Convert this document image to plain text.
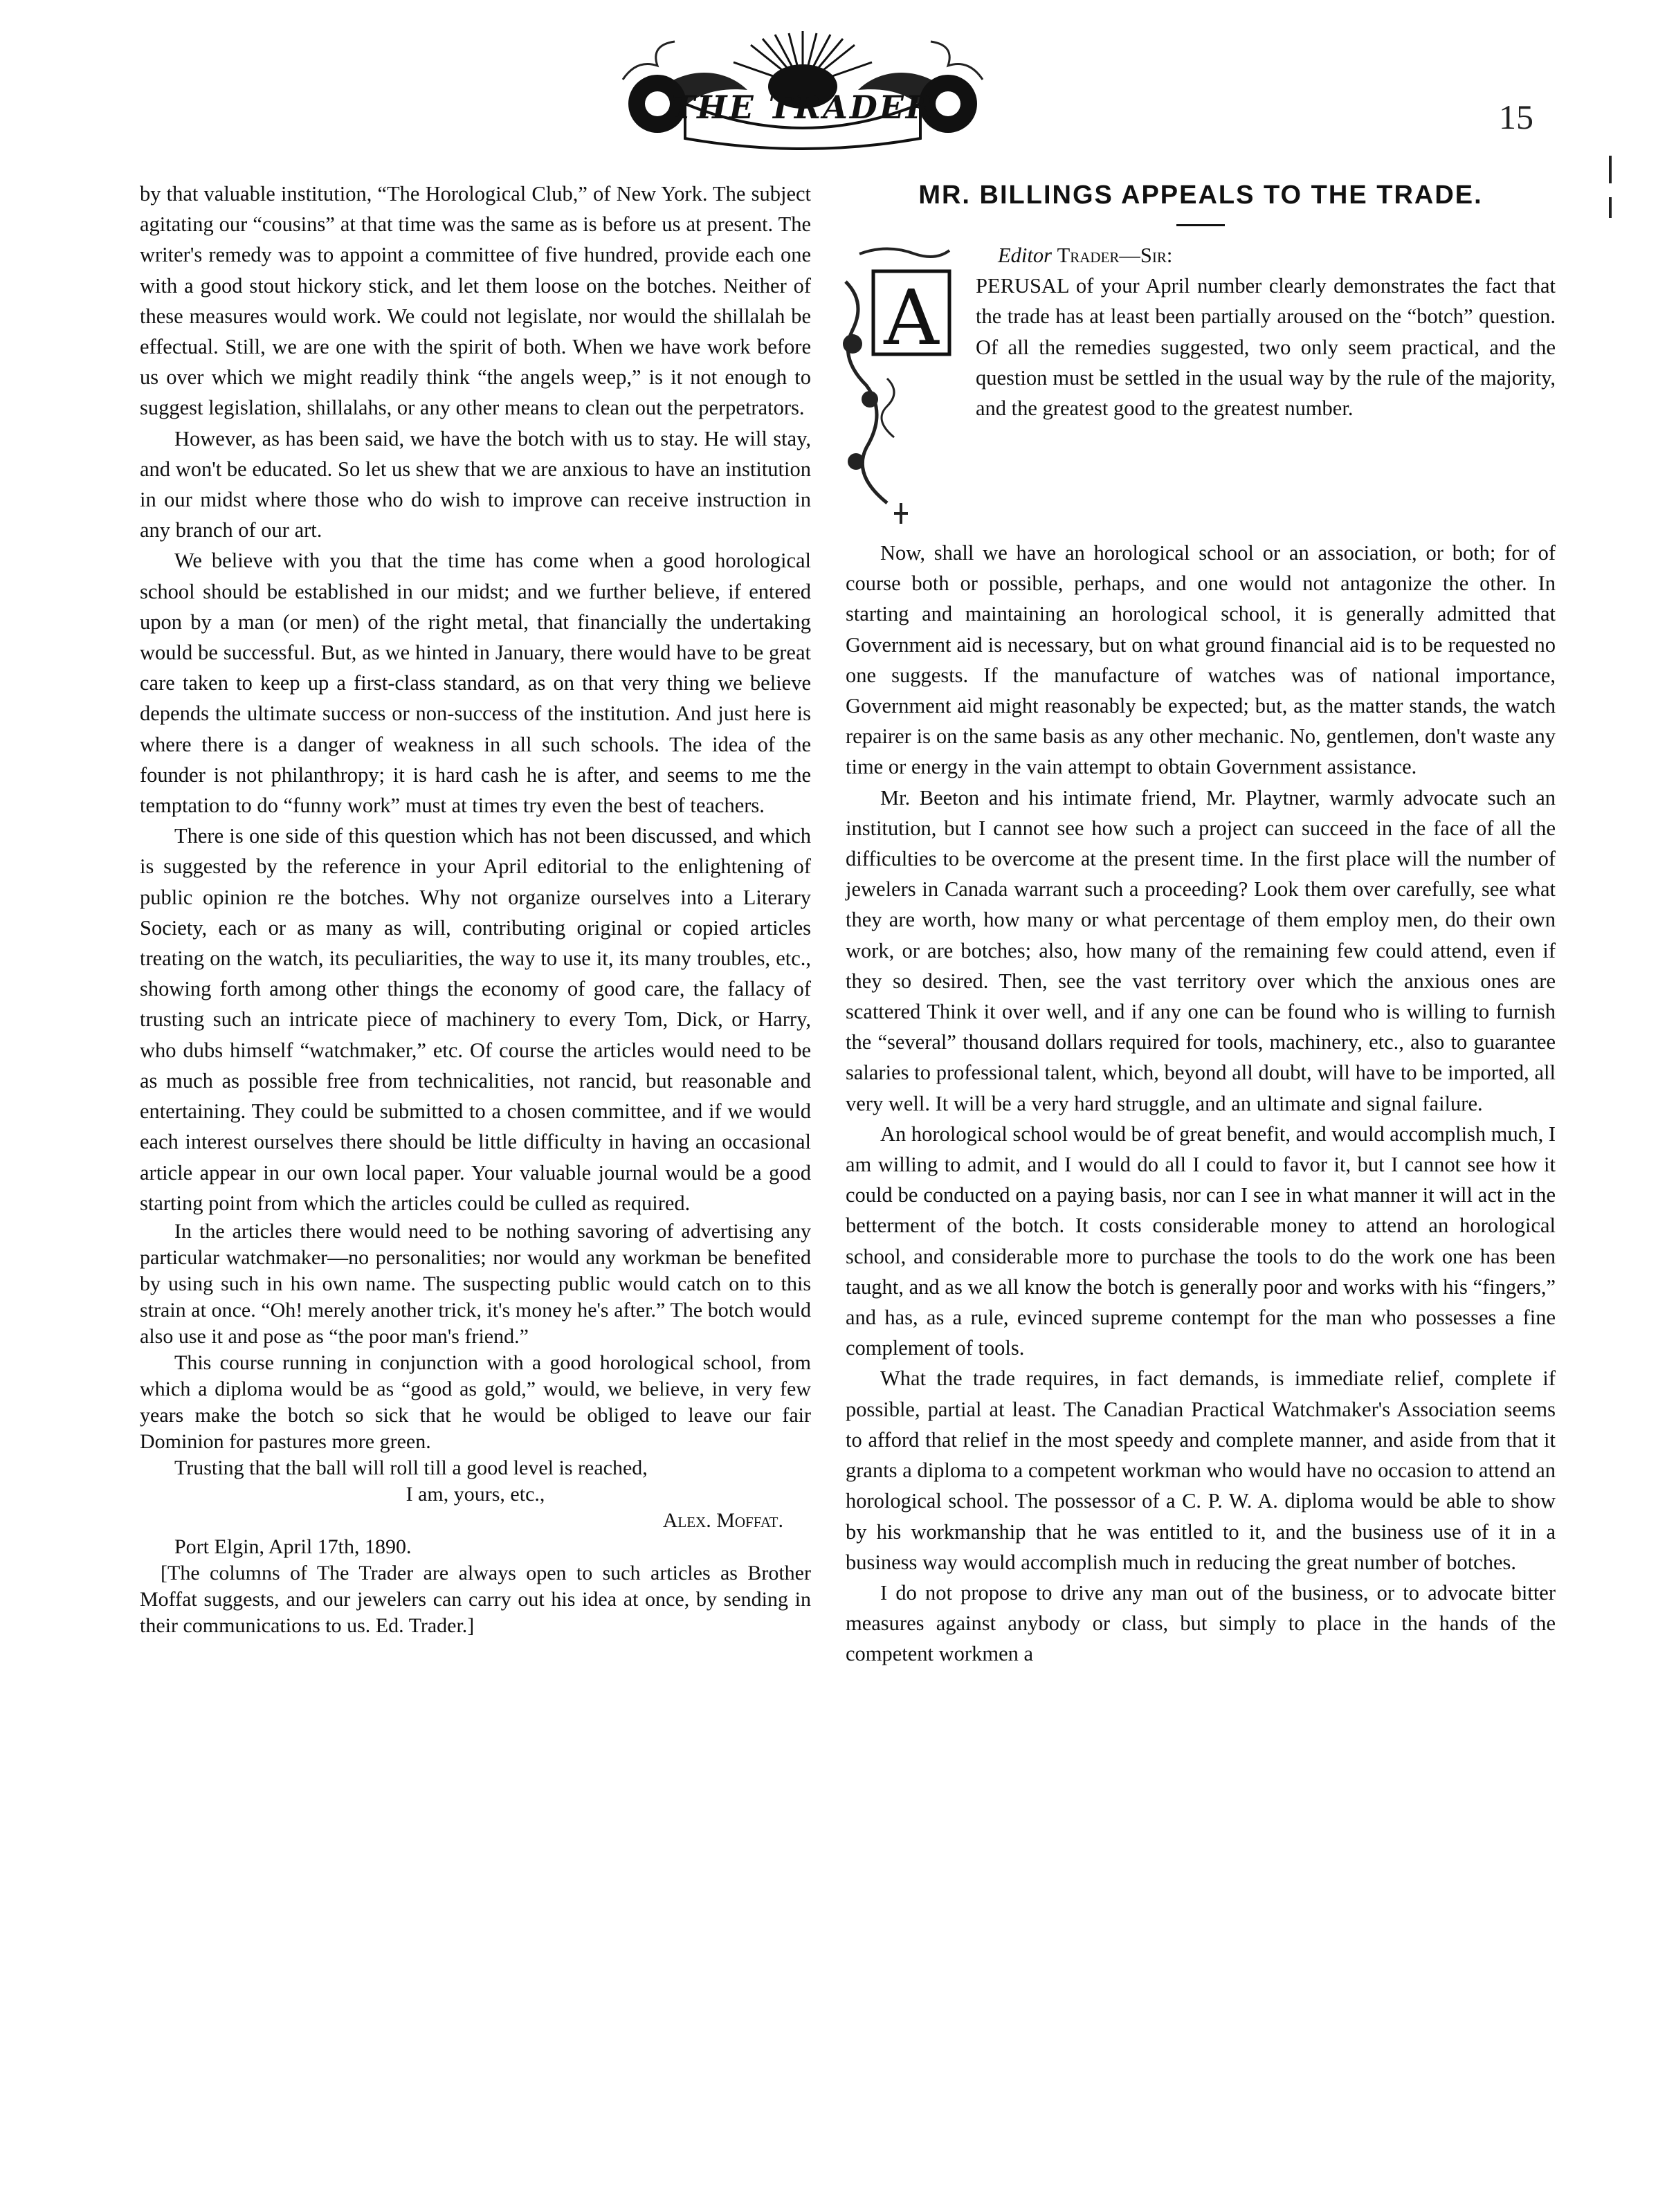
THE TRADER	15

by that valuable institution, “The Horological Club,” of New York. The subject agitating our “cousins” at that time was the same as is before us at present. The writer's remedy was to appoint a committee of five hundred, provide each one with a good stout hickory stick, and let them loose on the botches. Neither of these measures would work. We could not legislate, nor would the shillalah be effectual. Still, we are one with the spirit of both. When we have work before us over which we might readily think “the angels weep,” is it not enough to suggest legislation, shillalahs, or any other means to clean out the perpetrators.

However, as has been said, we have the botch with us to stay. He will stay, and won't be educated. So let us shew that we are anxious to have an institution in our midst where those who do wish to improve can receive instruction in any branch of our art.

We believe with you that the time has come when a good horological school should be established in our midst; and we further believe, if entered upon by a man (or men) of the right metal, that financially the undertaking would be successful. But, as we hinted in January, there would have to be great care taken to keep up a first-class standard, as on that very thing we believe depends the ultimate success or non-success of the institution. And just here is where there is a danger of weakness in all such schools. The idea of the founder is not philanthropy; it is hard cash he is after, and seems to me the temptation to do “funny work” must at times try even the best of teachers.

There is one side of this question which has not been discussed, and which is suggested by the reference in your April editorial to the enlightening of public opinion re the botches. Why not organize ourselves into a Literary Society, each or as many as will, contributing original or copied articles treating on the watch, its peculiarities, the way to use it, its many troubles, etc., showing forth among other things the economy of good care, the fallacy of trusting such an intricate piece of machinery to every Tom, Dick, or Harry, who dubs himself “watchmaker,” etc. Of course the articles would need to be as much as possible free from technicalities, not rancid, but reasonable and entertaining. They could be submitted to a chosen committee, and if we would each interest ourselves there should be little difficulty in having an occasional article appear in our own local paper. Your valuable journal would be a good starting point from which the articles could be culled as required.

In the articles there would need to be nothing savoring of advertising any particular watchmaker—no personalities; nor would any workman be benefited by using such in his own name. The suspecting public would catch on to this strain at once. “Oh! merely another trick, it's money he's after.” The botch would also use it and pose as “the poor man's friend.”

This course running in conjunction with a good horological school, from which a diploma would be as “good as gold,” would, we believe, in very few years make the botch so sick that he would be obliged to leave our fair Dominion for pastures more green.

Trusting that the ball will roll till a good level is reached,

I am, yours, etc.,

Alex. Moffat.

Port Elgin, April 17th, 1890.

[The columns of The Trader are always open to such articles as Brother Moffat suggests, and our jewelers can carry out his idea at once, by sending in their communications to us. Ed. Trader.]

MR. BILLINGS APPEALS TO THE TRADE.
A

Editor Trader—Sir:

PERUSAL of your April number clearly demonstrates the fact that the trade has at least been partially aroused on the “botch” question. Of all the remedies suggested, two only seem practical, and the question must be settled in the usual way by the rule of the majority, and the greatest good to the greatest number.

Now, shall we have an horological school or an association, or both; for of course both or possible, perhaps, and one would not antagonize the other. In starting and maintaining an horological school, it is generally admitted that Government aid is necessary, but on what ground financial aid is to be requested no one suggests. If the manufacture of watches was of national importance, Government aid might reasonably be expected; but, as the matter stands, the watch repairer is on the same basis as any other mechanic. No, gentlemen, don't waste any time or energy in the vain attempt to obtain Government assistance.

Mr. Beeton and his intimate friend, Mr. Playtner, warmly advocate such an institution, but I cannot see how such a project can succeed in the face of all the difficulties to be overcome at the present time. In the first place will the number of jewelers in Canada warrant such a proceeding? Look them over carefully, see what they are worth, how many or what percentage of them employ men, do their own work, or are botches; also, how many of the remaining few could attend, even if they so desired. Then, see the vast territory over which the anxious ones are scattered Think it over well, and if any one can be found who is willing to furnish the “several” thousand dollars required for tools, machinery, etc., also to guarantee salaries to professional talent, which, beyond all doubt, will have to be imported, all very well. It will be a very hard struggle, and an ultimate and signal failure.

An horological school would be of great benefit, and would accomplish much, I am willing to admit, and I would do all I could to favor it, but I cannot see how it could be conducted on a paying basis, nor can I see in what manner it will act in the betterment of the botch. It costs considerable money to attend an horological school, and considerable more to purchase the tools to do the work one has been taught, and as we all know the botch is generally poor and works with his “fingers,” and has, as a rule, evinced supreme contempt for the man who possesses a fine complement of tools.

What the trade requires, in fact demands, is immediate relief, complete if possible, partial at least. The Canadian Practical Watchmaker's Association seems to afford that relief in the most speedy and complete manner, and aside from that it grants a diploma to a competent workman who would have no occasion to attend an horological school. The possessor of a C. P. W. A. diploma would be able to show by his workmanship that he was entitled to it, and the business use of it in a business way would accomplish much in reducing the great number of botches.

I do not propose to drive any man out of the business, or to advocate bitter measures against anybody or class, but simply to place in the hands of the competent workmen a
